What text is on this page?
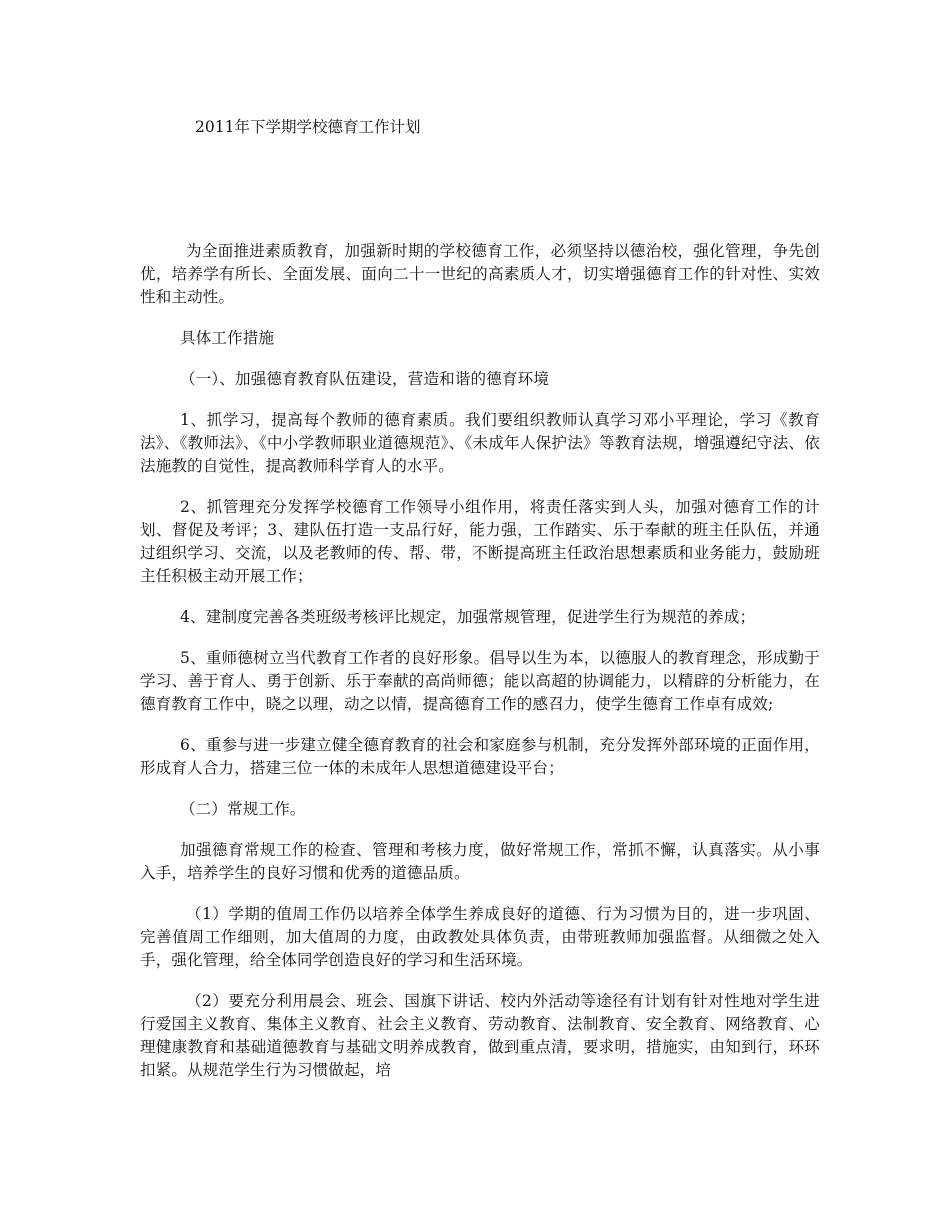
2011年下学期学校德育工作计划

为全面推进素质教育，加强新时期的学校德育工作，必须坚持以德治校，强化管理，争先创优，培养学有所长、全面发展、面向二十一世纪的高素质人才，切实增强德育工作的针对性、实效性和主动性。

具体工作措施

（一）、加强德育教育队伍建设，营造和谐的德育环境

1、抓学习，提高每个教师的德育素质。我们要组织教师认真学习邓小平理论，学习《教育法》、《教师法》、《中小学教师职业道德规范》、《未成年人保护法》等教育法规，增强遵纪守法、依法施教的自觉性，提高教师科学育人的水平。

2、抓管理充分发挥学校德育工作领导小组作用，将责任落实到人头，加强对德育工作的计划、督促及考评；3、建队伍打造一支品行好，能力强，工作踏实、乐于奉献的班主任队伍，并通过组织学习、交流，以及老教师的传、帮、带，不断提高班主任政治思想素质和业务能力，鼓励班主任积极主动开展工作；

4、建制度完善各类班级考核评比规定，加强常规管理，促进学生行为规范的养成；

5、重师德树立当代教育工作者的良好形象。倡导以生为本，以德服人的教育理念，形成勤于学习、善于育人、勇于创新、乐于奉献的高尚师德；能以高超的协调能力，以精辟的分析能力，在德育教育工作中，晓之以理，动之以情，提高德育工作的感召力，使学生德育工作卓有成效;

6、重参与进一步建立健全德育教育的社会和家庭参与机制，充分发挥外部环境的正面作用，形成育人合力，搭建三位一体的未成年人思想道德建设平台；

（二）常规工作。

加强德育常规工作的检查、管理和考核力度，做好常规工作，常抓不懈，认真落实。从小事入手，培养学生的良好习惯和优秀的道德品质。

（1）学期的值周工作仍以培养全体学生养成良好的道德、行为习惯为目的，进一步巩固、完善值周工作细则，加大值周的力度，由政教处具体负责，由带班教师加强监督。从细微之处入手，强化管理，给全体同学创造良好的学习和生活环境。

（2）要充分利用晨会、班会、国旗下讲话、校内外活动等途径有计划有针对性地对学生进行爱国主义教育、集体主义教育、社会主义教育、劳动教育、法制教育、安全教育、网络教育、心理健康教育和基础道德教育与基础文明养成教育，做到重点清，要求明，措施实，由知到行，环环扣紧。从规范学生行为习惯做起，培
